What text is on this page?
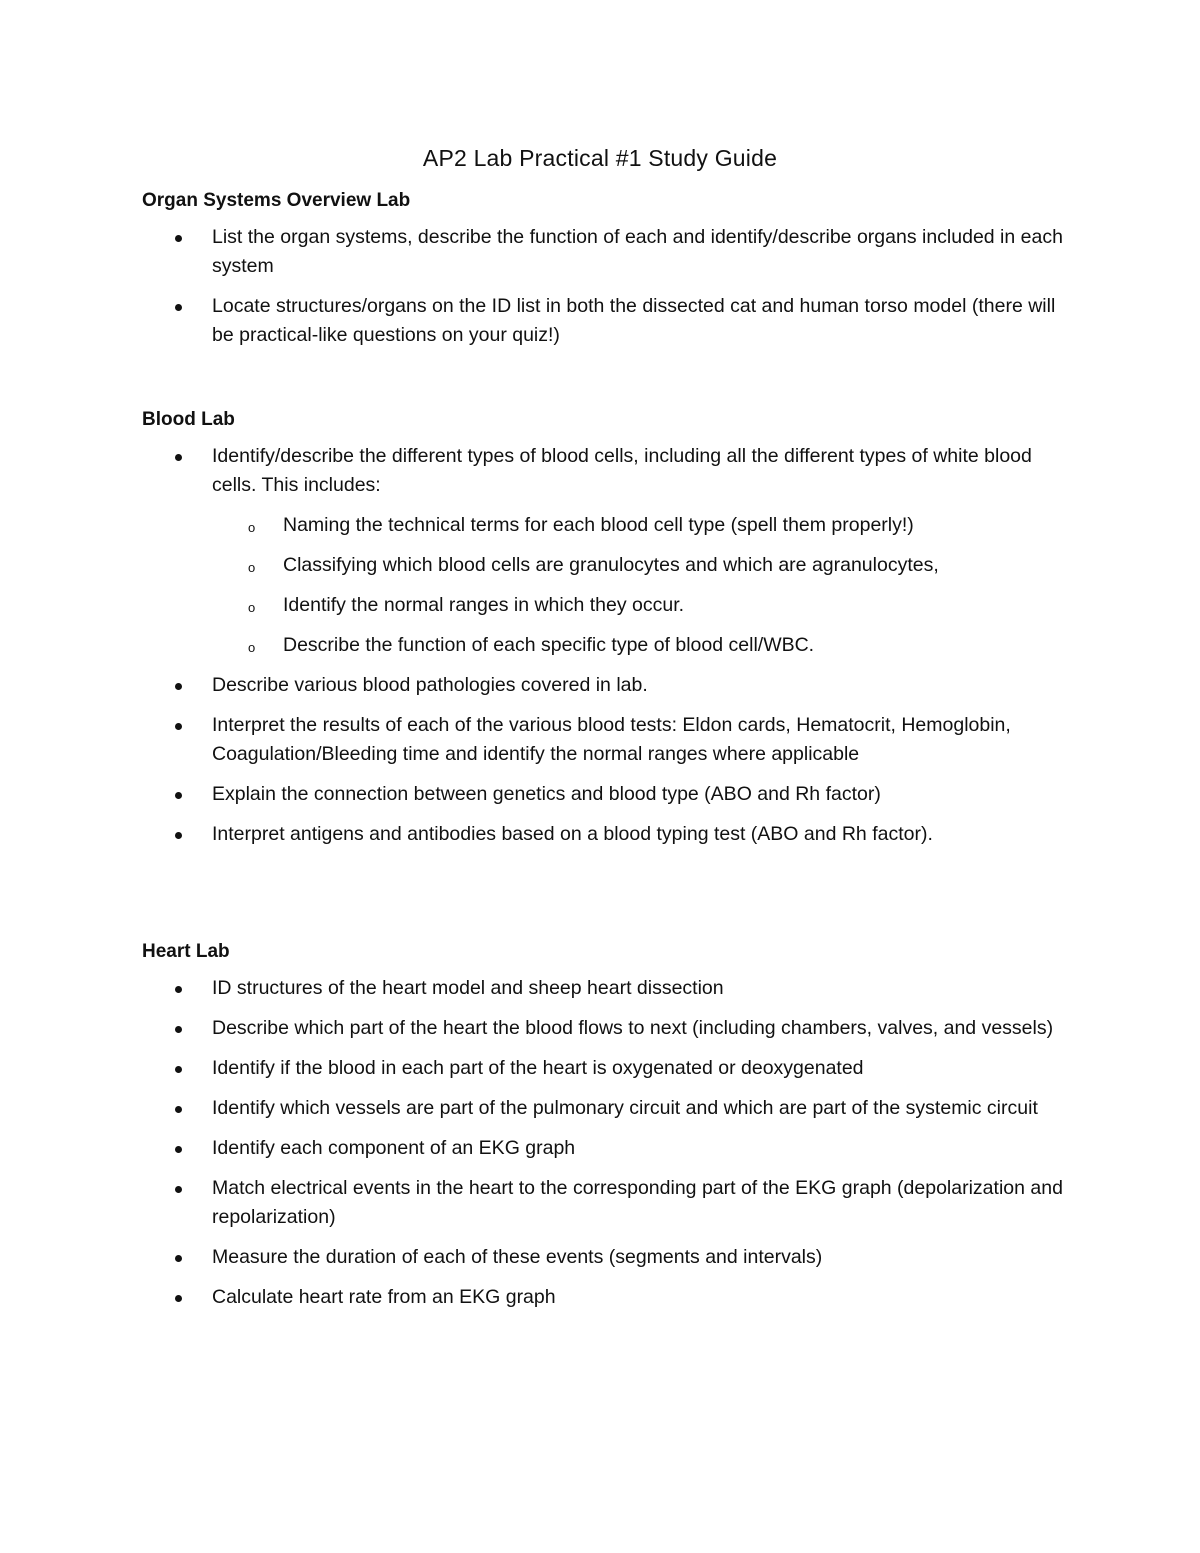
AP2 Lab Practical #1 Study Guide
Organ Systems Overview Lab
List the organ systems, describe the function of each and identify/describe organs included in each system
Locate structures/organs on the ID list in both the dissected cat and human torso model (there will be practical-like questions on your quiz!)
Blood Lab
Identify/describe the different types of blood cells, including all the different types of white blood cells. This includes:
o Naming the technical terms for each blood cell type (spell them properly!)
o Classifying which blood cells are granulocytes and which are agranulocytes,
o Identify the normal ranges in which they occur.
o Describe the function of each specific type of blood cell/WBC.
Describe various blood pathologies covered in lab.
Interpret the results of each of the various blood tests: Eldon cards, Hematocrit, Hemoglobin, Coagulation/Bleeding time and identify the normal ranges where applicable
Explain the connection between genetics and blood type (ABO and Rh factor)
Interpret antigens and antibodies based on a blood typing test (ABO and Rh factor).
Heart Lab
ID structures of the heart model and sheep heart dissection
Describe which part of the heart the blood flows to next (including chambers, valves, and vessels)
Identify if the blood in each part of the heart is oxygenated or deoxygenated
Identify which vessels are part of the pulmonary circuit and which are part of the systemic circuit
Identify each component of an EKG graph
Match electrical events in the heart to the corresponding part of the EKG graph (depolarization and repolarization)
Measure the duration of each of these events (segments and intervals)
Calculate heart rate from an EKG graph
